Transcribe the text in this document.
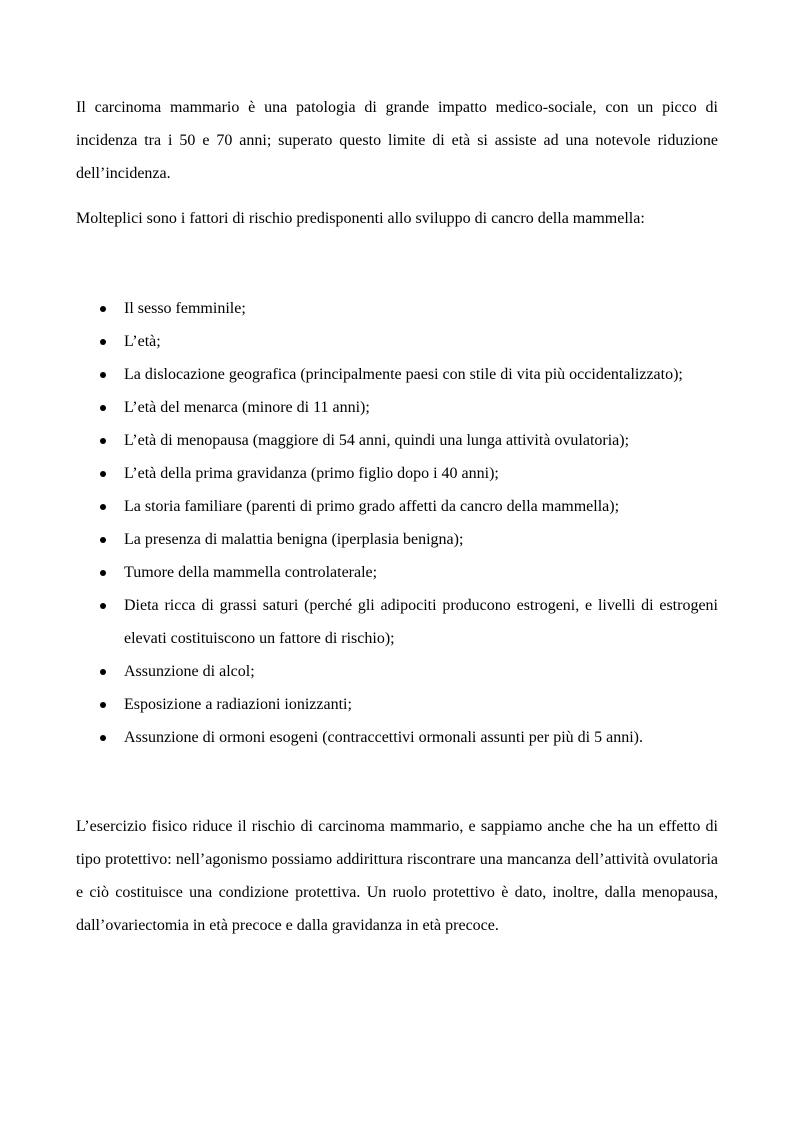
Il carcinoma mammario è una patologia di grande impatto medico-sociale, con un picco di incidenza tra i 50 e 70 anni; superato questo limite di età si assiste ad una notevole riduzione dell’incidenza.

Molteplici sono i fattori di rischio predisponenti allo sviluppo di cancro della mammella:

Il sesso femminile;
L’età;
La dislocazione geografica (principalmente paesi con stile di vita più occidentalizzato);
L’età del menarca (minore di 11 anni);
L’età di menopausa (maggiore di 54 anni, quindi una lunga attività ovulatoria);
L’età della prima gravidanza (primo figlio dopo i 40 anni);
La storia familiare (parenti di primo grado affetti da cancro della mammella);
La presenza di malattia benigna (iperplasia benigna);
Tumore della mammella controlaterale;
Dieta ricca di grassi saturi (perché gli adipociti producono estrogeni, e livelli di estrogeni elevati costituiscono un fattore di rischio);
Assunzione di alcol;
Esposizione a radiazioni ionizzanti;
Assunzione di ormoni esogeni (contraccettivi ormonali assunti per più di 5 anni).

L’esercizio fisico riduce il rischio di carcinoma mammario, e sappiamo anche che ha un effetto di tipo protettivo: nell’agonismo possiamo addirittura riscontrare una mancanza dell’attività ovulatoria e ciò costituisce una condizione protettiva. Un ruolo protettivo è dato, inoltre, dalla menopausa, dall’ovariectomia in età precoce e dalla gravidanza in età precoce.
